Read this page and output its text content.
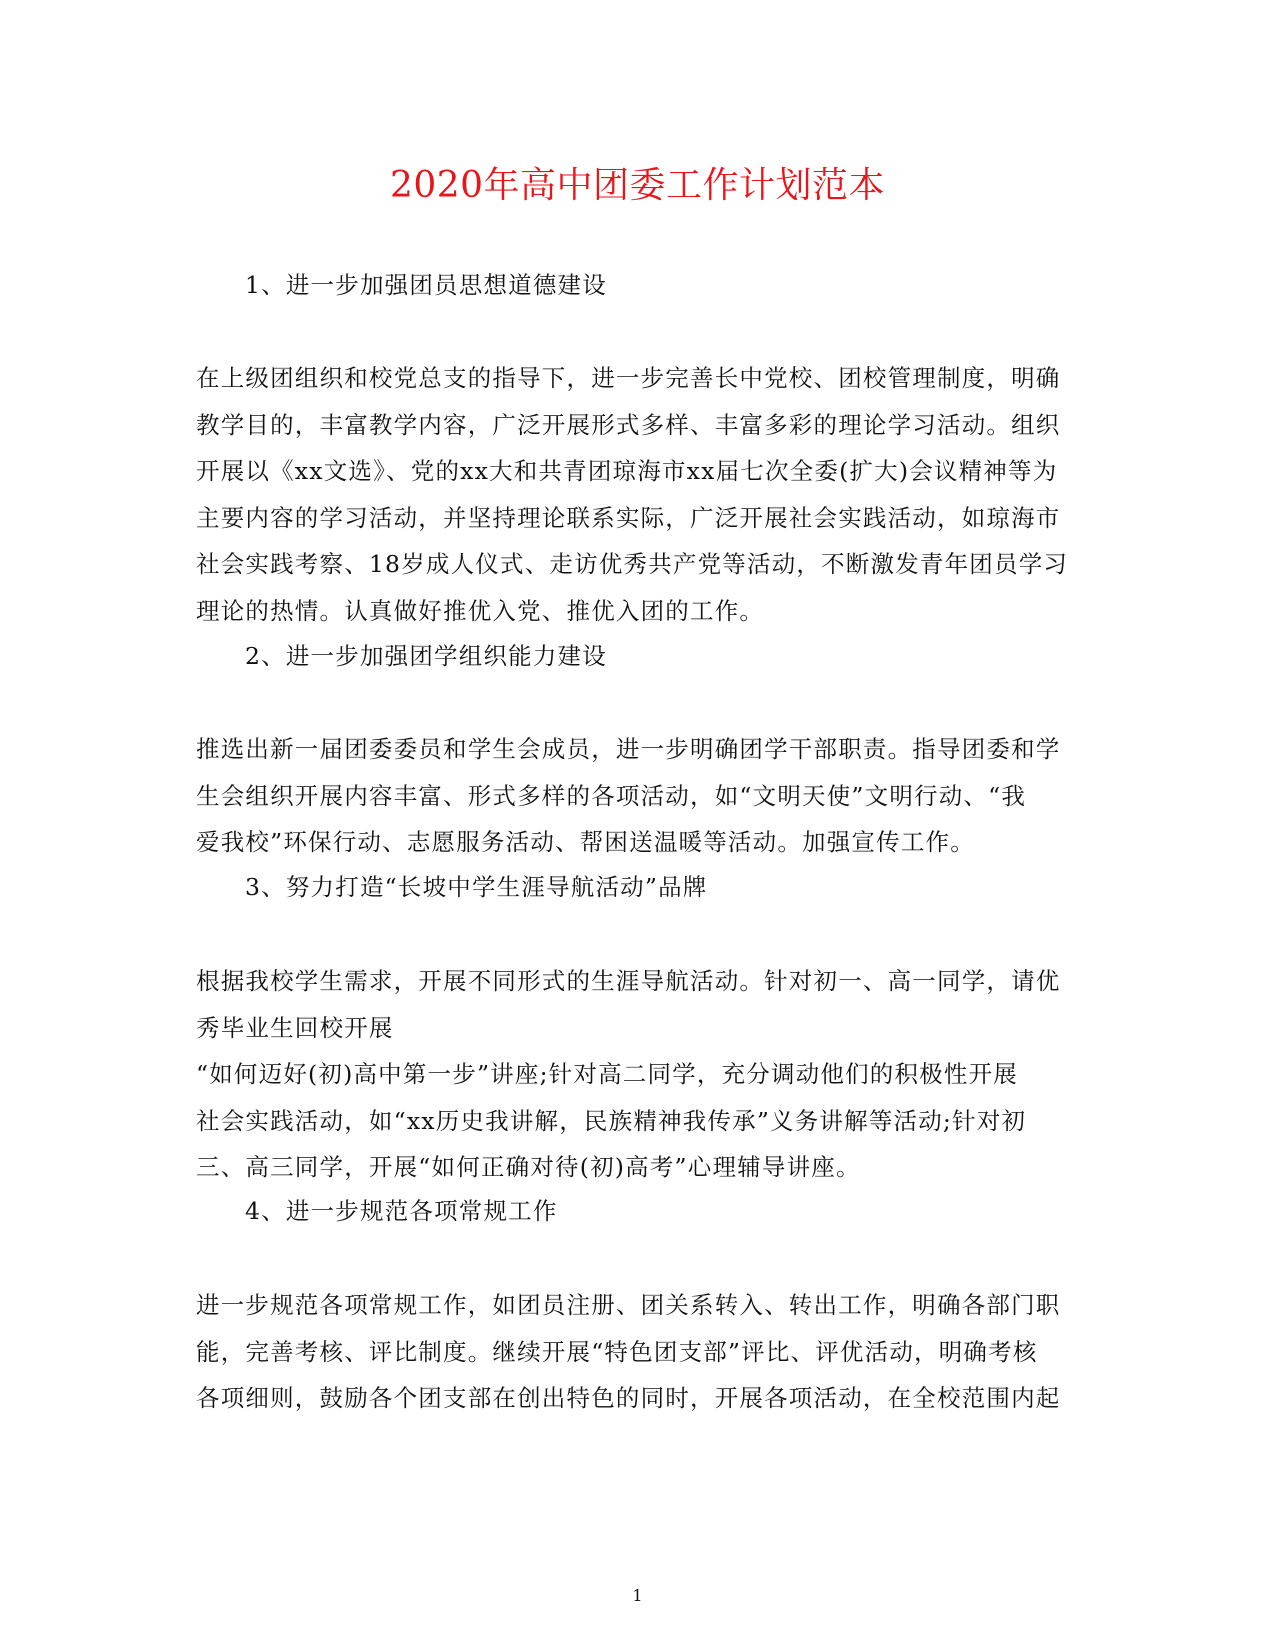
2020年高中团委工作计划范本
1、进一步加强团员思想道德建设
在上级团组织和校党总支的指导下，进一步完善长中党校、团校管理制度，明确
教学目的，丰富教学内容，广泛开展形式多样、丰富多彩的理论学习活动。组织
开展以《xx文选》、党的xx大和共青团琼海市xx届七次全委(扩大)会议精神等为
主要内容的学习活动，并坚持理论联系实际，广泛开展社会实践活动，如琼海市
社会实践考察、18岁成人仪式、走访优秀共产党等活动，不断激发青年团员学习
理论的热情。认真做好推优入党、推优入团的工作。
2、进一步加强团学组织能力建设
推选出新一届团委委员和学生会成员，进一步明确团学干部职责。指导团委和学
生会组织开展内容丰富、形式多样的各项活动，如“文明天使”文明行动、“我
爱我校”环保行动、志愿服务活动、帮困送温暖等活动。加强宣传工作。
3、努力打造“长坡中学生涯导航活动”品牌
根据我校学生需求，开展不同形式的生涯导航活动。针对初一、高一同学，请优
秀毕业生回校开展
“如何迈好(初)高中第一步”讲座;针对高二同学，充分调动他们的积极性开展
社会实践活动，如“xx历史我讲解，民族精神我传承”义务讲解等活动;针对初
三、高三同学，开展“如何正确对待(初)高考”心理辅导讲座。
4、进一步规范各项常规工作
进一步规范各项常规工作，如团员注册、团关系转入、转出工作，明确各部门职
能，完善考核、评比制度。继续开展“特色团支部”评比、评优活动，明确考核
各项细则，鼓励各个团支部在创出特色的同时，开展各项活动，在全校范围内起
1
